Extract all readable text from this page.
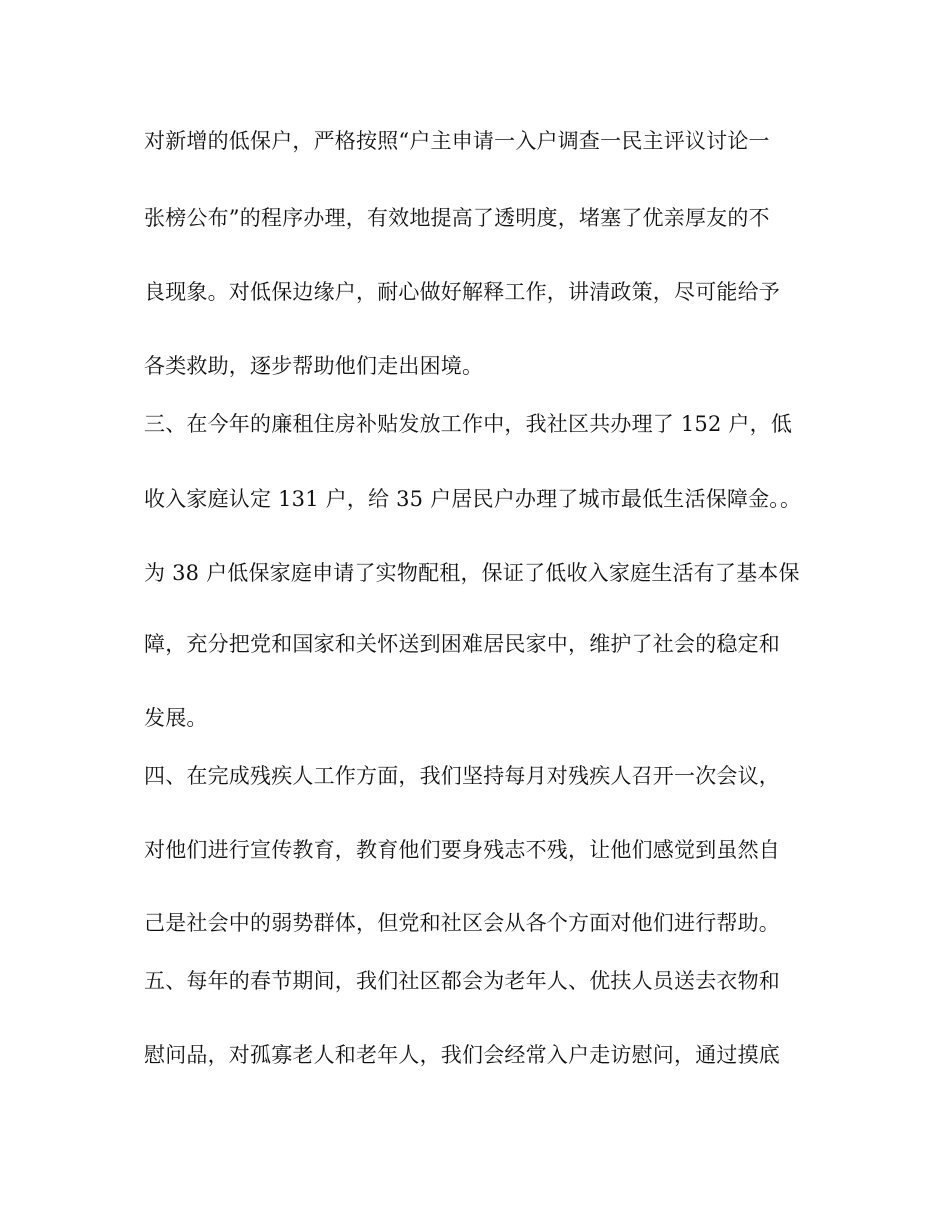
对新增的低保户，严格按照“户主申请一入户调查一民主评议讨论一

张榜公布”的程序办理，有效地提高了透明度，堵塞了优亲厚友的不

良现象。对低保边缘户，耐心做好解释工作，讲清政策，尽可能给予

各类救助，逐步帮助他们走出困境。

三、在今年的廉租住房补贴发放工作中，我社区共办理了 152 户，低

收入家庭认定 131 户，给 35 户居民户办理了城市最低生活保障金。。

为 38 户低保家庭申请了实物配租，保证了低收入家庭生活有了基本保

障，充分把党和国家和关怀送到困难居民家中，维护了社会的稳定和

发展。

四、在完成残疾人工作方面，我们坚持每月对残疾人召开一次会议，

对他们进行宣传教育，教育他们要身残志不残，让他们感觉到虽然自

己是社会中的弱势群体，但党和社区会从各个方面对他们进行帮助。

五、每年的春节期间，我们社区都会为老年人、优扶人员送去衣物和

慰问品，对孤寡老人和老年人，我们会经常入户走访慰问，通过摸底
